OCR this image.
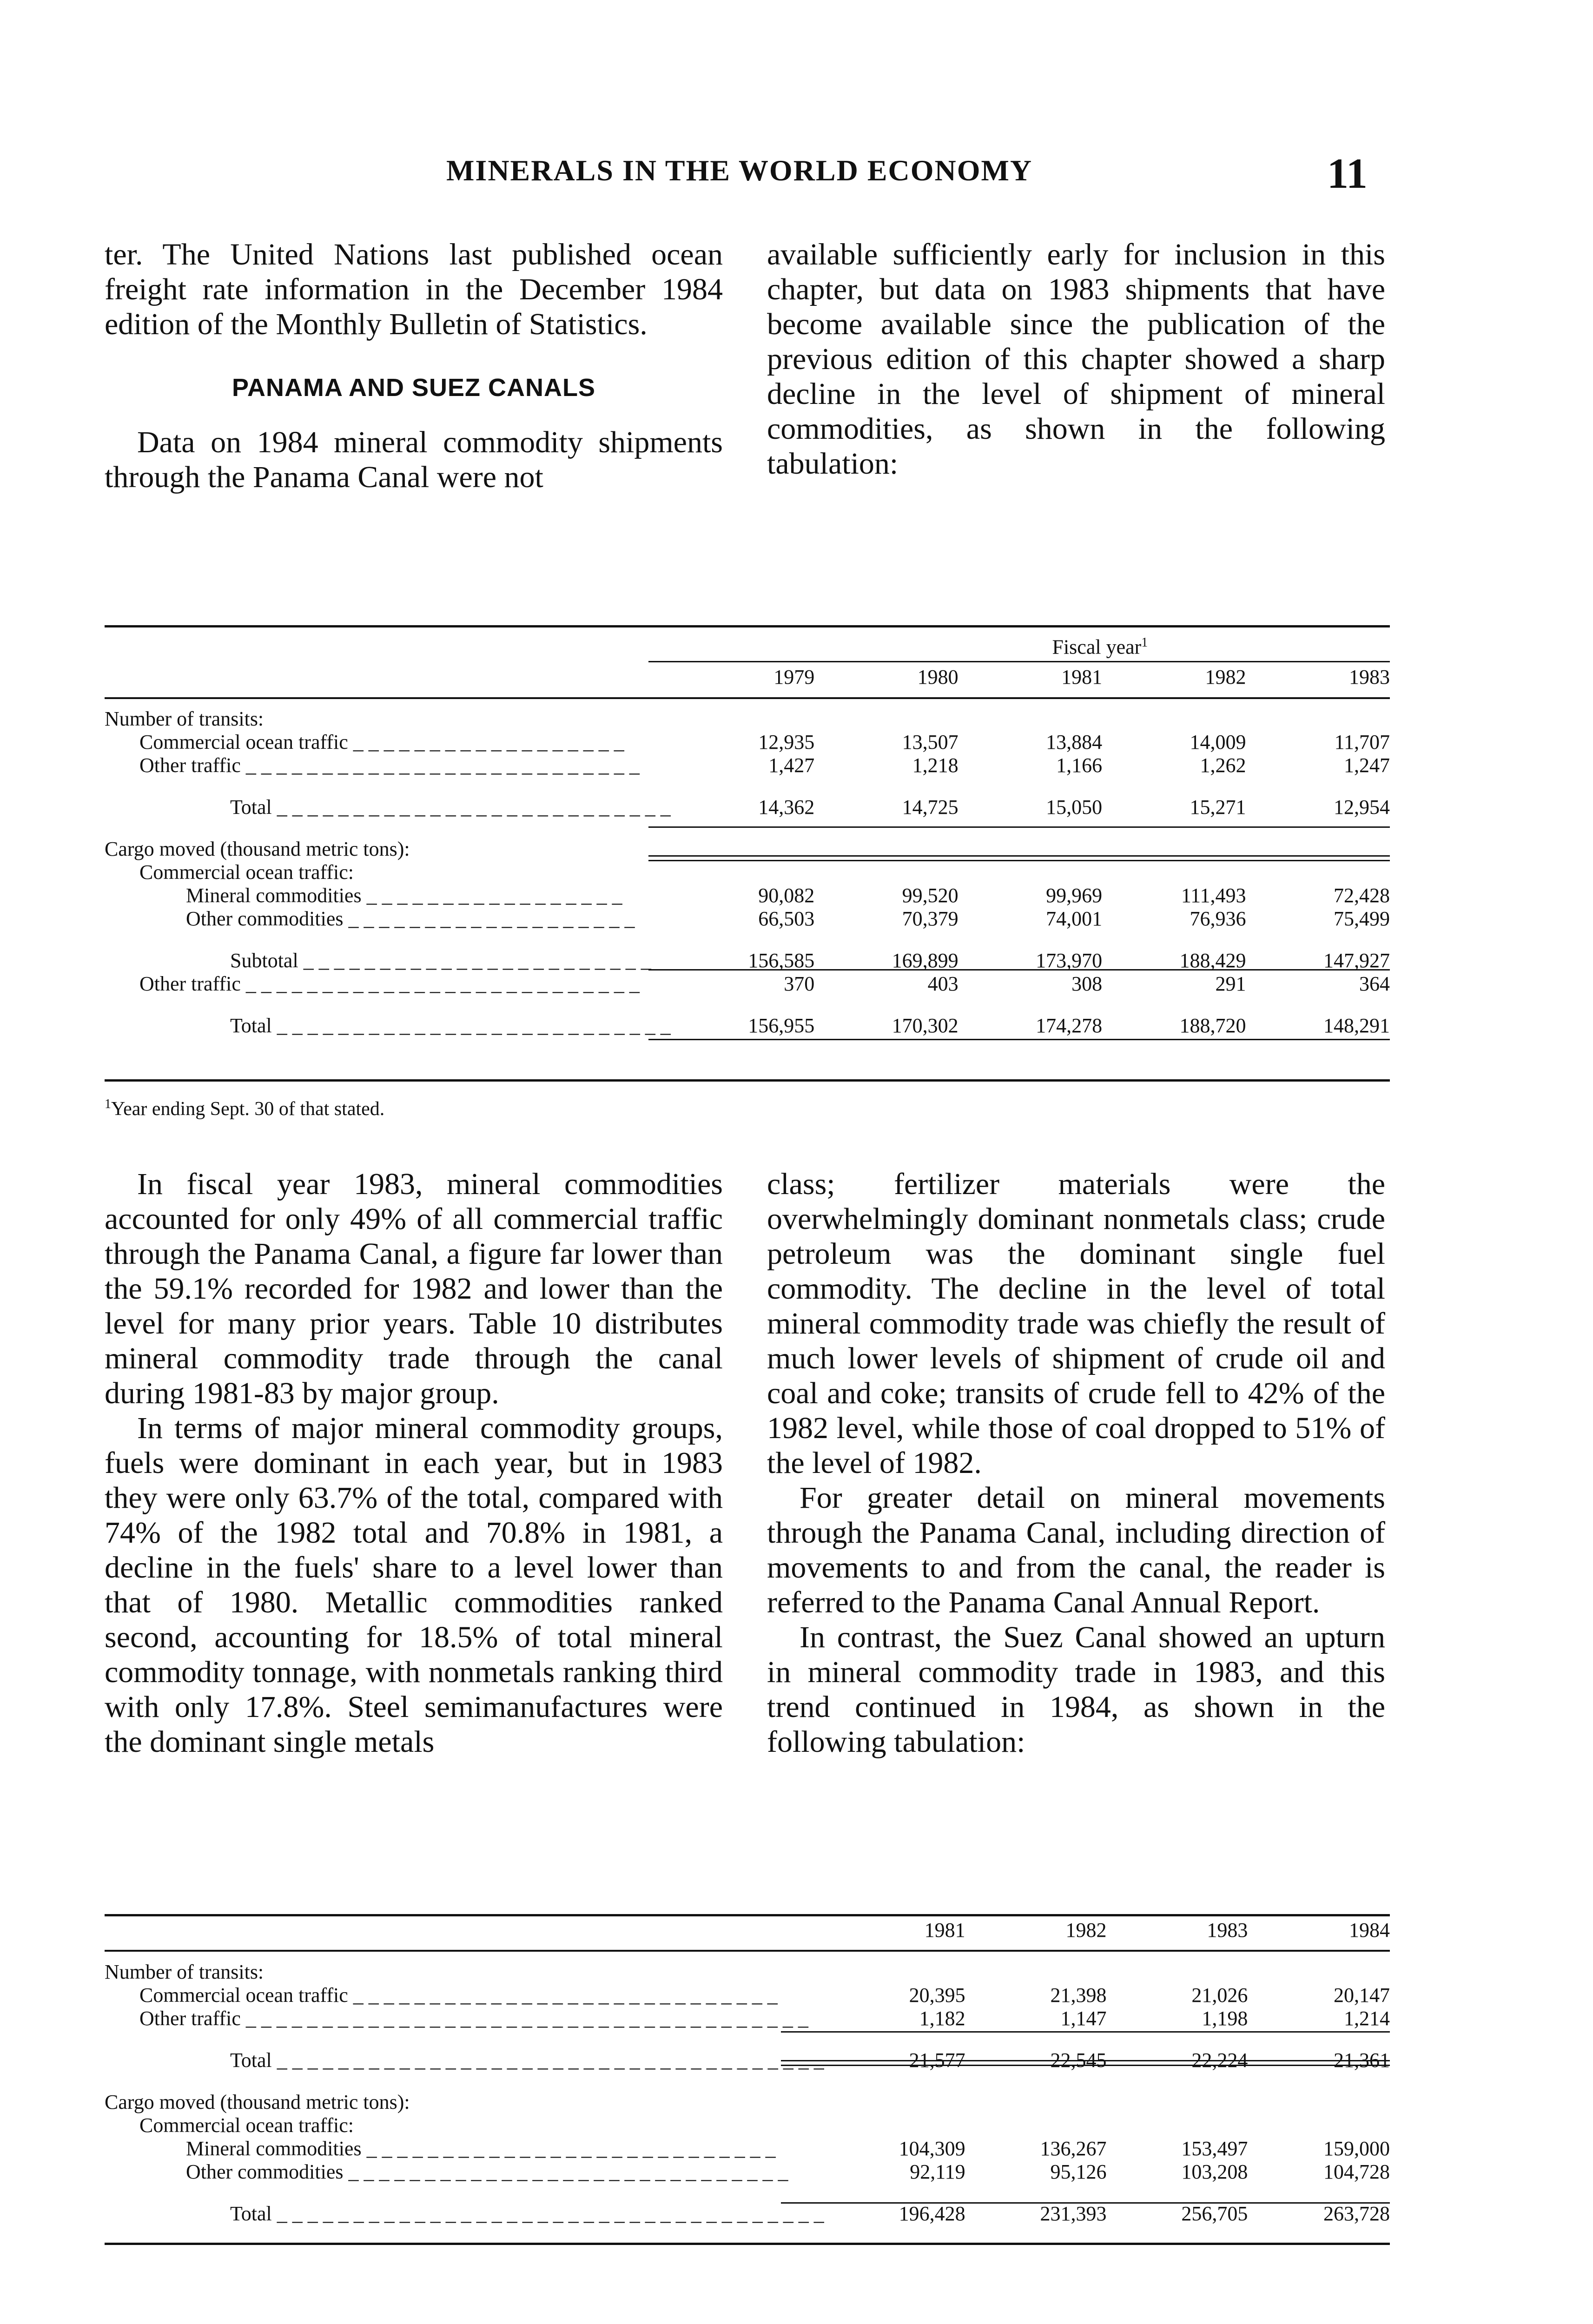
MINERALS IN THE WORLD ECONOMY	11

ter. The United Nations last published ocean freight rate information in the December 1984 edition of the Monthly Bulletin of Statistics.

PANAMA AND SUEZ CANALS

Data on 1984 mineral commodity shipments through the Panama Canal were not

available sufficiently early for inclusion in this chapter, but data on 1983 shipments that have become available since the publication of the previous edition of this chapter showed a sharp decline in the level of shipment of mineral commodities, as shown in the following tabulation:

	Fiscal year$^1$

	1979	1980	1981	1982	1983

Number of transits:					
Commercial ocean traffic _ _ _ _ _ _ _ _ _ _ _ _ _ _ _ _ _ _	12,935	13,507	13,884	14,009	11,707
Other traffic _ _ _ _ _ _ _ _ _ _ _ _ _ _ _ _ _ _ _ _ _ _ _ _ _ _	1,427	1,218	1,166	1,262	1,247

Total _ _ _ _ _ _ _ _ _ _ _ _ _ _ _ _ _ _ _ _ _ _ _ _ _ _	14,362	14,725	15,050	15,271	12,954

Cargo moved (thousand metric tons):					
Commercial ocean traffic:					
Mineral commodities _ _ _ _ _ _ _ _ _ _ _ _ _ _ _ _ _	90,082	99,520	99,969	111,493	72,428
Other commodities _ _ _ _ _ _ _ _ _ _ _ _ _ _ _ _ _ _ _	66,503	70,379	74,001	76,936	75,499

Subtotal _ _ _ _ _ _ _ _ _ _ _ _ _ _ _ _ _ _ _ _ _ _ _	156,585	169,899	173,970	188,429	147,927
Other traffic _ _ _ _ _ _ _ _ _ _ _ _ _ _ _ _ _ _ _ _ _ _ _ _ _ _	370	403	308	291	364

Total _ _ _ _ _ _ _ _ _ _ _ _ _ _ _ _ _ _ _ _ _ _ _ _ _ _	156,955	170,302	174,278	188,720	148,291
$^1$Year ending Sept. 30 of that stated.

In fiscal year 1983, mineral commodities accounted for only 49% of all commercial traffic through the Panama Canal, a figure far lower than the 59.1% recorded for 1982 and lower than the level for many prior years. Table 10 distributes mineral commodity trade through the canal during 1981-83 by major group.

In terms of major mineral commodity groups, fuels were dominant in each year, but in 1983 they were only 63.7% of the total, compared with 74% of the 1982 total and 70.8% in 1981, a decline in the fuels' share to a level lower than that of 1980. Metallic commodities ranked second, accounting for 18.5% of total mineral commodity tonnage, with nonmetals ranking third with only 17.8%. Steel semimanufactures were the dominant single metals

class; fertilizer materials were the overwhelmingly dominant nonmetals class; crude petroleum was the dominant single fuel commodity. The decline in the level of total mineral commodity trade was chiefly the result of much lower levels of shipment of crude oil and coal and coke; transits of crude fell to 42% of the 1982 level, while those of coal dropped to 51% of the level of 1982.

For greater detail on mineral movements through the Panama Canal, including direction of movements to and from the canal, the reader is referred to the Panama Canal Annual Report.

In contrast, the Suez Canal showed an upturn in mineral commodity trade in 1983, and this trend continued in 1984, as shown in the following tabulation:

	1981	1982	1983	1984

Number of transits:				
Commercial ocean traffic _ _ _ _ _ _ _ _ _ _ _ _ _ _ _ _ _ _ _ _ _ _ _ _ _ _ _ _	20,395	21,398	21,026	20,147
Other traffic _ _ _ _ _ _ _ _ _ _ _ _ _ _ _ _ _ _ _ _ _ _ _ _ _ _ _ _ _ _ _ _ _ _ _ _ _	1,182	1,147	1,198	1,214

Total _ _ _ _ _ _ _ _ _ _ _ _ _ _ _ _ _ _ _ _ _ _ _ _ _ _ _ _ _ _ _ _ _ _ _ _	21,577	22,545	22,224	21,361

Cargo moved (thousand metric tons):				
Commercial ocean traffic:				
Mineral commodities _ _ _ _ _ _ _ _ _ _ _ _ _ _ _ _ _ _ _ _ _ _ _ _ _ _ _	104,309	136,267	153,497	159,000
Other commodities _ _ _ _ _ _ _ _ _ _ _ _ _ _ _ _ _ _ _ _ _ _ _ _ _ _ _ _ _	92,119	95,126	103,208	104,728

Total _ _ _ _ _ _ _ _ _ _ _ _ _ _ _ _ _ _ _ _ _ _ _ _ _ _ _ _ _ _ _ _ _ _ _ _	196,428	231,393	256,705	263,728
